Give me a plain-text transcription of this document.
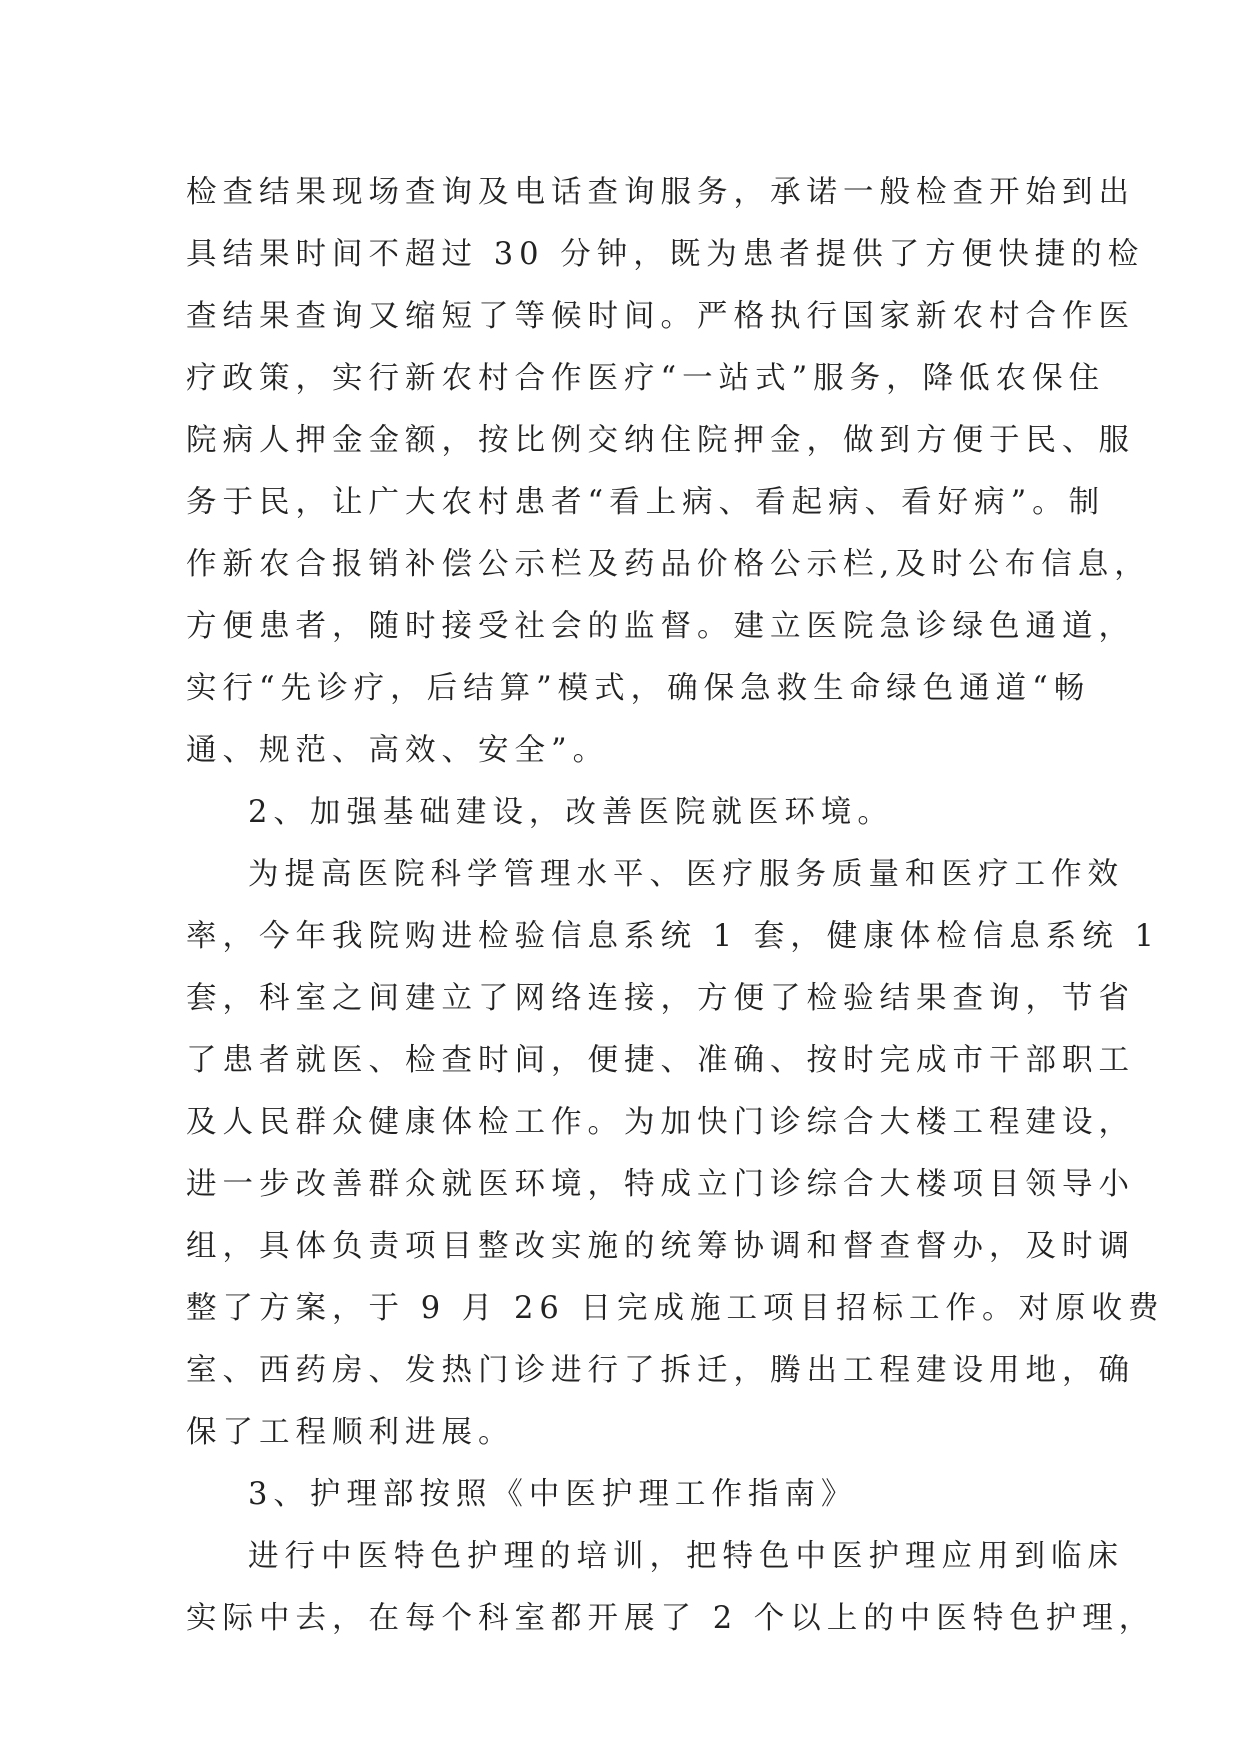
检查结果现场查询及电话查询服务，承诺一般检查开始到出
具结果时间不超过 30 分钟，既为患者提供了方便快捷的检
查结果查询又缩短了等候时间。严格执行国家新农村合作医
疗政策，实行新农村合作医疗“一站式”服务，降低农保住
院病人押金金额，按比例交纳住院押金，做到方便于民、服
务于民，让广大农村患者“看上病、看起病、看好病”。制
作新农合报销补偿公示栏及药品价格公示栏,及时公布信息，
方便患者，随时接受社会的监督。建立医院急诊绿色通道，
实行“先诊疗，后结算”模式，确保急救生命绿色通道“畅
通、规范、高效、安全”。
2、加强基础建设，改善医院就医环境。
为提高医院科学管理水平、医疗服务质量和医疗工作效
率，今年我院购进检验信息系统 1 套，健康体检信息系统 1
套，科室之间建立了网络连接，方便了检验结果查询，节省
了患者就医、检查时间，便捷、准确、按时完成市干部职工
及人民群众健康体检工作。为加快门诊综合大楼工程建设，
进一步改善群众就医环境，特成立门诊综合大楼项目领导小
组，具体负责项目整改实施的统筹协调和督查督办，及时调
整了方案，于 9 月 26 日完成施工项目招标工作。对原收费
室、西药房、发热门诊进行了拆迁，腾出工程建设用地，确
保了工程顺利进展。
3、护理部按照《中医护理工作指南》
进行中医特色护理的培训，把特色中医护理应用到临床
实际中去，在每个科室都开展了 2 个以上的中医特色护理，
